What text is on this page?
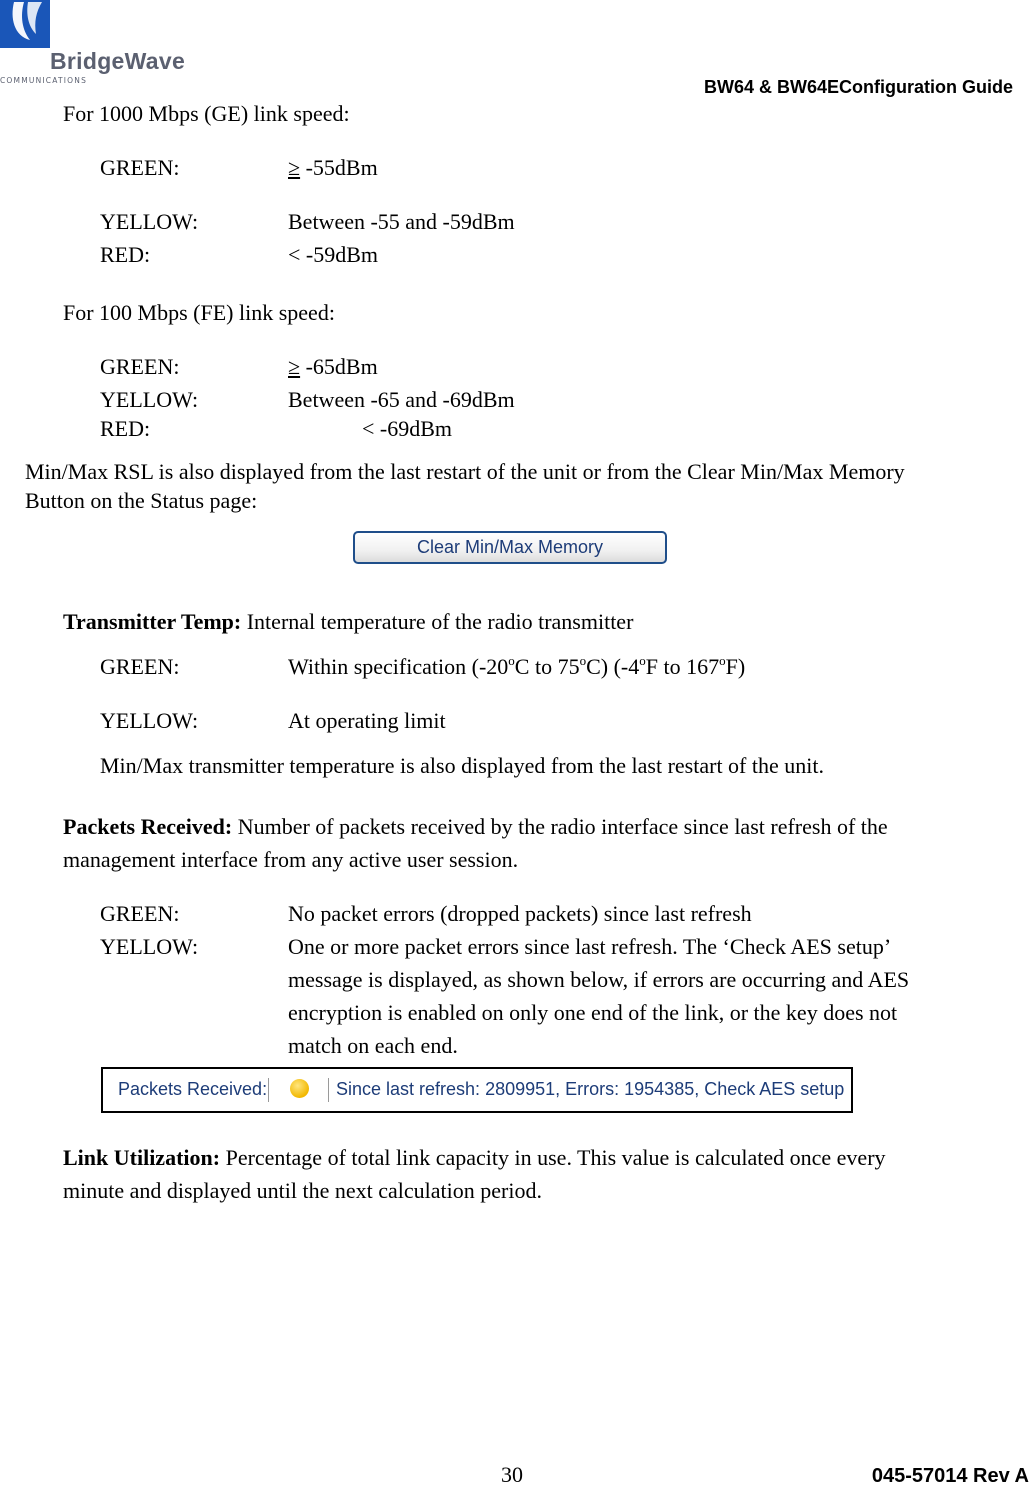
BridgeWave
COMMUNICATIONS	BW64 & BW64EConfiguration Guide
For 1000 Mbps (GE) link speed:
GREEN:	≥ -55dBm
YELLOW:	Between -55 and -59dBm
RED:	< -59dBm
For 100 Mbps (FE) link speed:
GREEN:	≥ -65dBm
YELLOW:	Between -65 and -69dBm
RED:	< -69dBm
Min/Max RSL is also displayed from the last restart of the unit or from the Clear Min/Max Memory
Button on the Status page:
Clear Min/Max Memory
Transmitter Temp: Internal temperature of the radio transmitter
GREEN:	Within specification (-20$^o$C to 75$^o$C) (-4$^o$F to 167$^o$F)
YELLOW:	At operating limit
Min/Max transmitter temperature is also displayed from the last restart of the unit.
Packets Received: Number of packets received by the radio interface since last refresh of the
management interface from any active user session.
GREEN:	No packet errors (dropped packets) since last refresh
YELLOW:	One or more packet errors since last refresh. The ‘Check AES setup’
message is displayed, as shown below, if errors are occurring and AES
encryption is enabled on only one end of the link, or the key does not
match on each end.
Packets Received:	Since last refresh: 2809951, Errors: 1954385, Check AES setup
Link Utilization: Percentage of total link capacity in use. This value is calculated once every
minute and displayed until the next calculation period.
30	045-57014 Rev A
